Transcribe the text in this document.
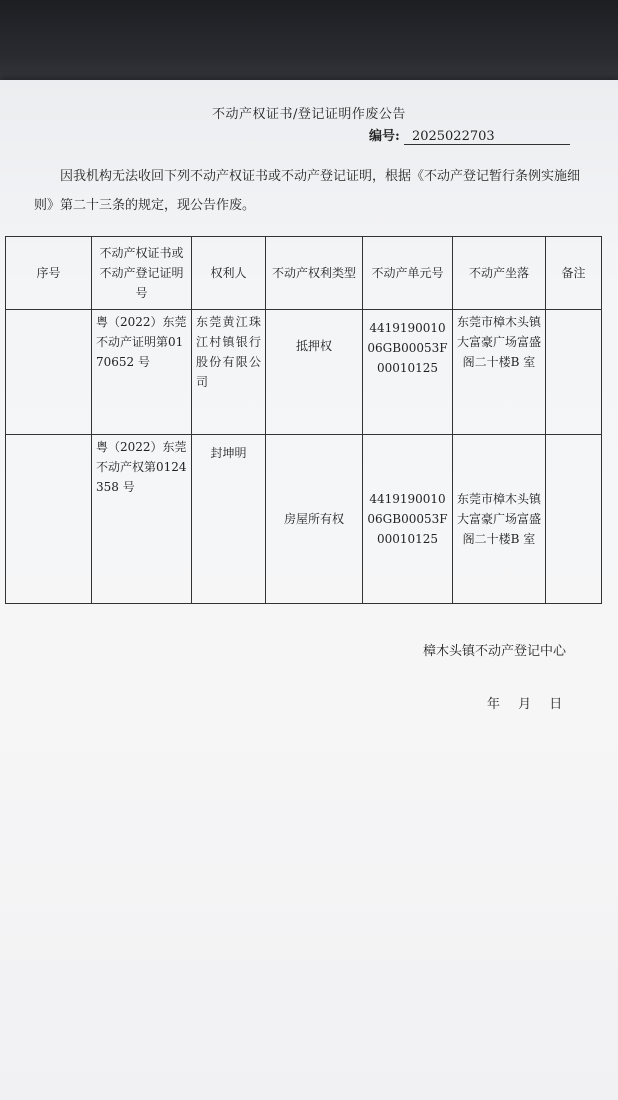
不动产权证书/登记证明作废公告
编号: 2025022703
因我机构无法收回下列不动产权证书或不动产登记证明，根据《不动产登记暂行条例实施细则》第二十三条的规定，现公告作废。
序号	不动产权证书或不动产登记证明号	权利人	不动产权利类型	不动产单元号	不动产坐落	备注
	粤（2022）东莞不动产证明第0170652 号	东莞黄江珠江村镇银行股份有限公司	抵押权	441919001006GB00053F00010125	东莞市樟木头镇大富豪广场富盛阁二十楼B 室	
	粤（2022）东莞不动产权第0124358 号	封坤明	房屋所有权	441919001006GB00053F00010125	东莞市樟木头镇大富豪广场富盛阁二十楼B 室	
樟木头镇不动产登记中心
年 月 日
